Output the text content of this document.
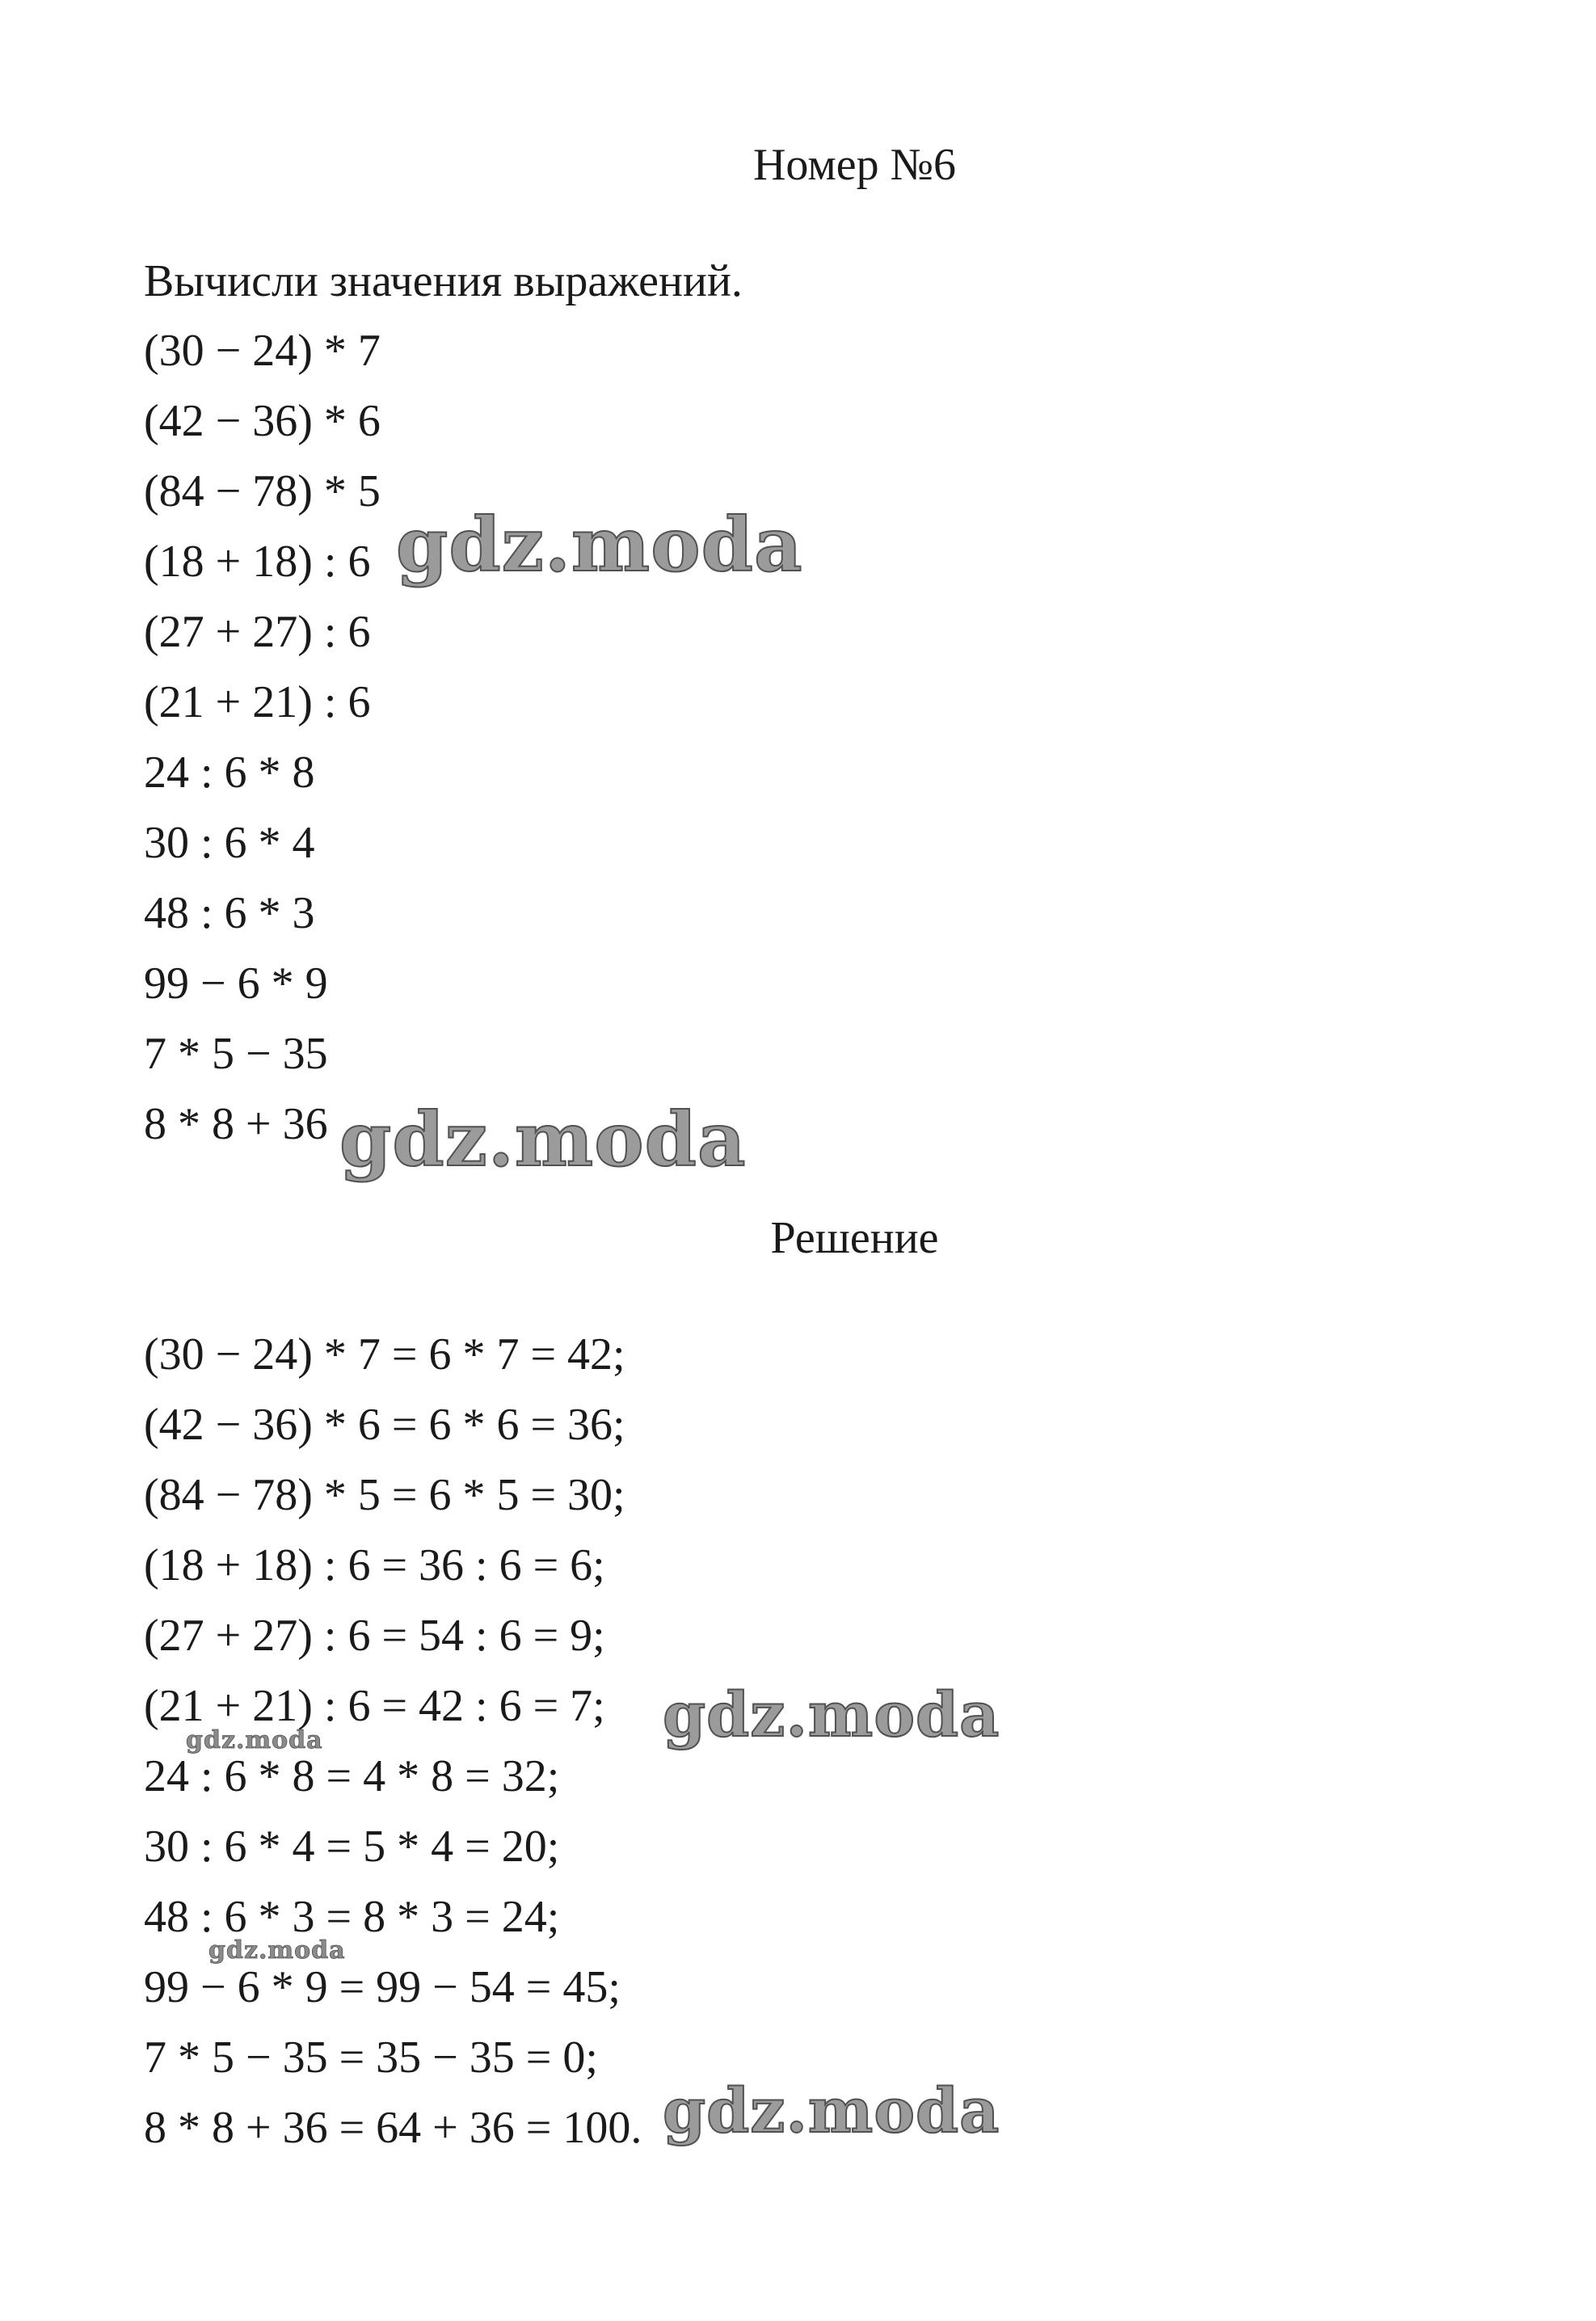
Номер №6
Вычисли значения выражений.
(30 − 24) * 7
(42 − 36) * 6
(84 − 78) * 5
(18 + 18) : 6
(27 + 27) : 6
(21 + 21) : 6
24 : 6 * 8
30 : 6 * 4
48 : 6 * 3
99 − 6 * 9
7 * 5 − 35
8 * 8 + 36
Решение
(30 − 24) * 7 = 6 * 7 = 42;
(42 − 36) * 6 = 6 * 6 = 36;
(84 − 78) * 5 = 6 * 5 = 30;
(18 + 18) : 6 = 36 : 6 = 6;
(27 + 27) : 6 = 54 : 6 = 9;
(21 + 21) : 6 = 42 : 6 = 7;
24 : 6 * 8 = 4 * 8 = 32;
30 : 6 * 4 = 5 * 4 = 20;
48 : 6 * 3 = 8 * 3 = 24;
99 − 6 * 9 = 99 − 54 = 45;
7 * 5 − 35 = 35 − 35 = 0;
8 * 8 + 36 = 64 + 36 = 100.
gdz.moda
gdz.moda
gdz.moda
gdz.moda
gdz.moda
gdz.moda
